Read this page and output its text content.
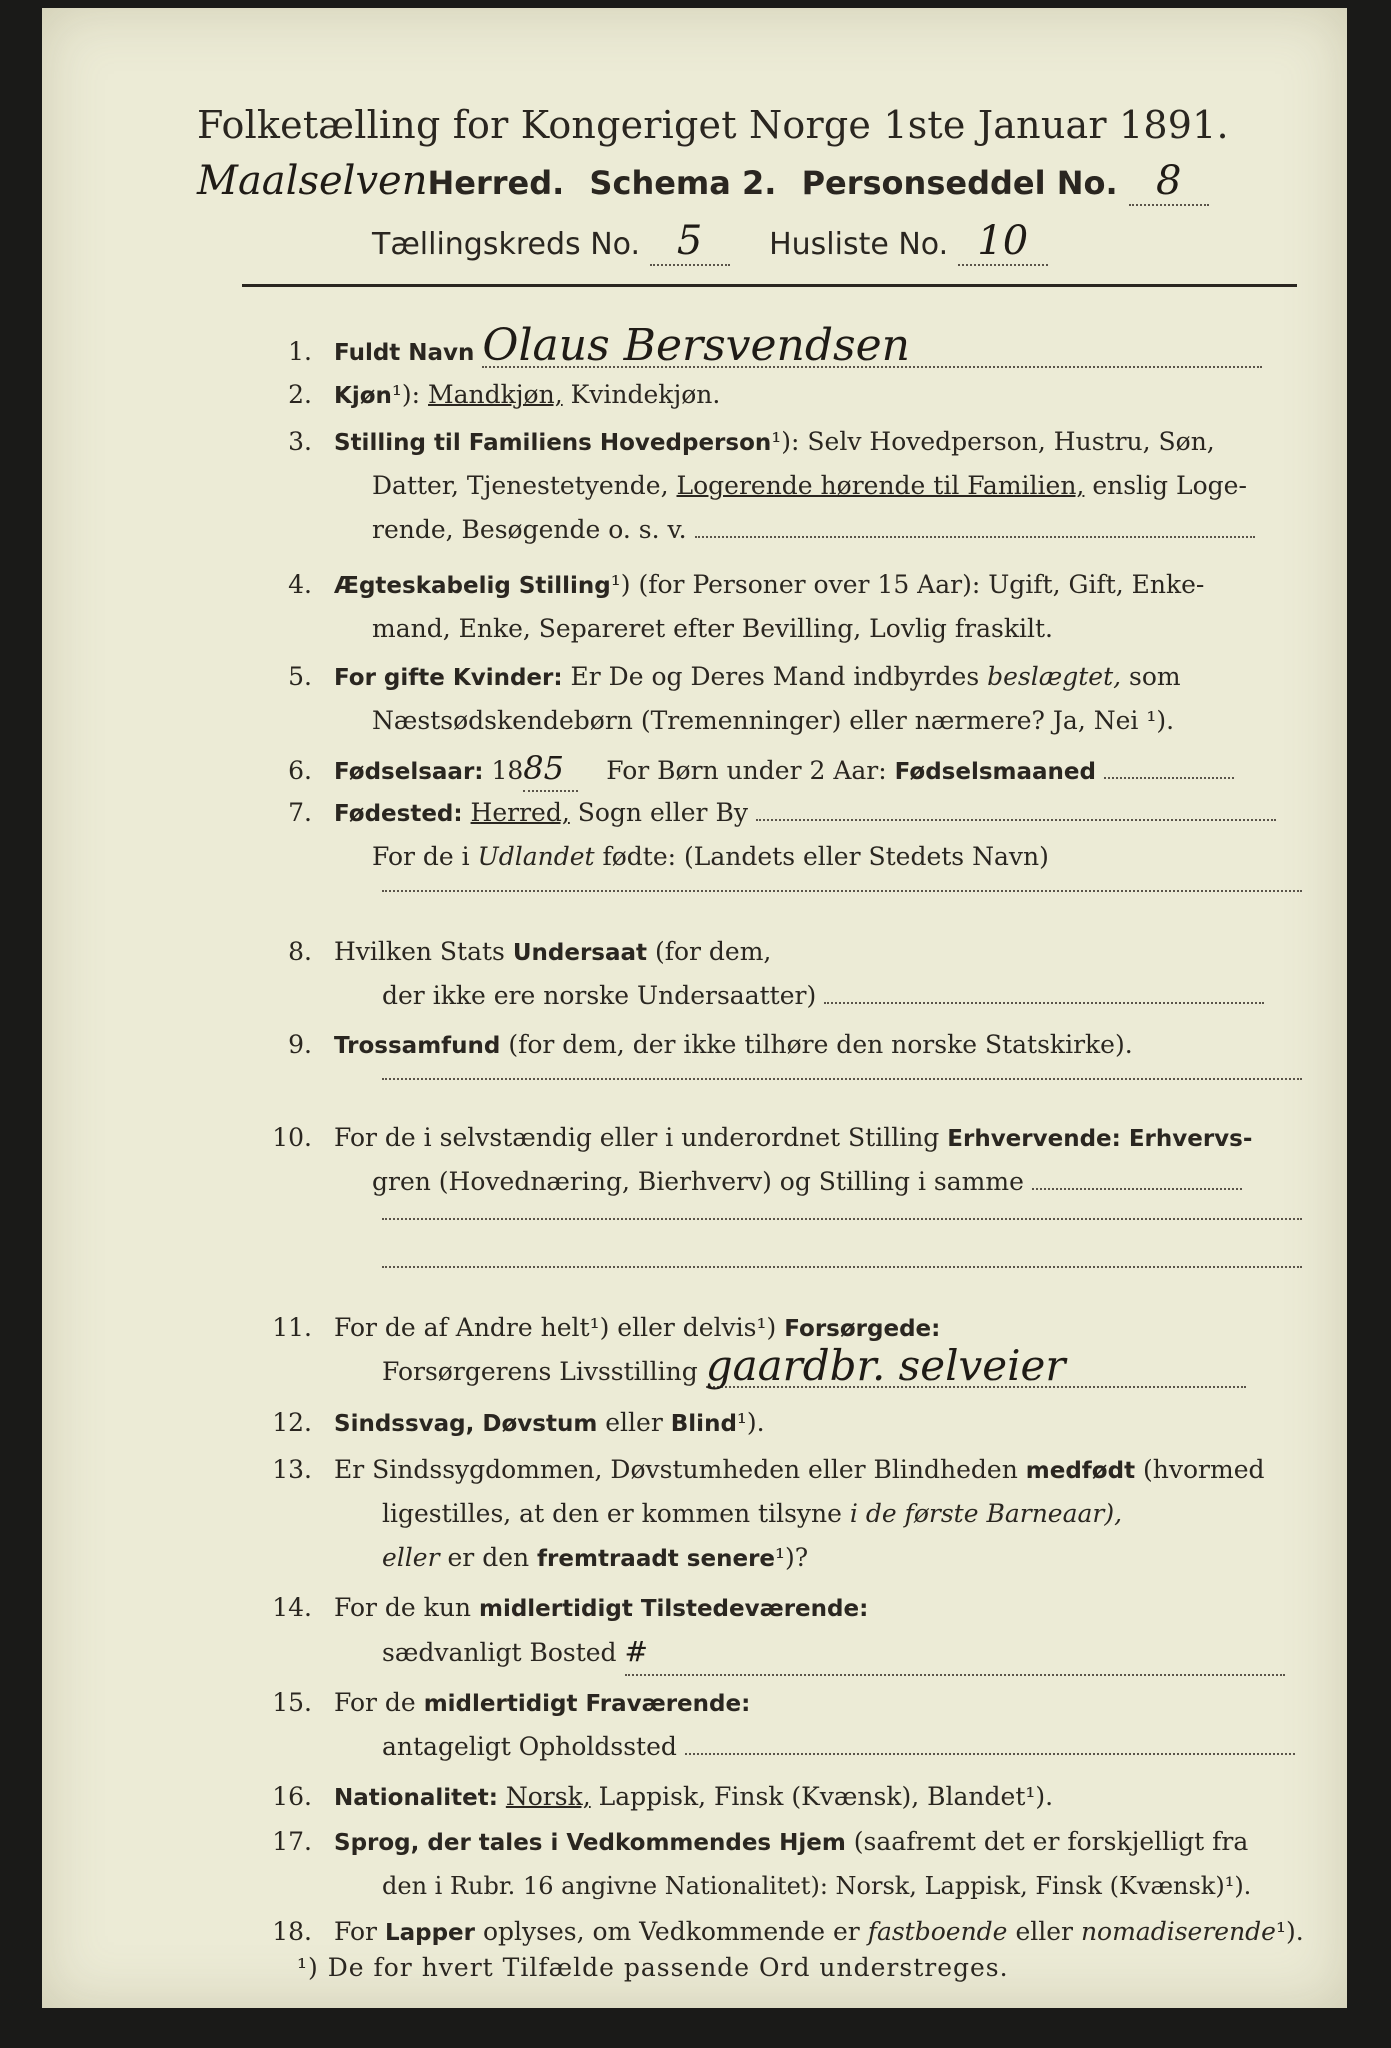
Folketælling for Kongeriget Norge 1ste Januar 1891.
MaalselvenHerred. Schema 2. Personseddel No. 8
Tællingskreds No. 5 Husliste No. 10
1. Fuldt Navn Olaus Bersvendsen
2. Kjøn¹): Mandkjøn, Kvindekjøn.
3. Stilling til Familiens Hovedperson¹): Selv Hovedperson, Hustru, Søn,
Datter, Tjenestetyende, Logerende hørende til Familien, enslig Loge-
rende, Besøgende o. s. v.
4. Ægteskabelig Stilling¹) (for Personer over 15 Aar): Ugift, Gift, Enke-
mand, Enke, Separeret efter Bevilling, Lovlig fraskilt.
5. For gifte Kvinder: Er De og Deres Mand indbyrdes beslægtet, som
Næstsødskendebørn (Tremenninger) eller nærmere? Ja, Nei ¹).
6. Fødselsaar: 1885 For Børn under 2 Aar: Fødselsmaaned
7. Fødested: Herred, Sogn eller By
For de i Udlandet fødte: (Landets eller Stedets Navn)
8. Hvilken Stats Undersaat (for dem,
der ikke ere norske Undersaatter)
9. Trossamfund (for dem, der ikke tilhøre den norske Statskirke).
10. For de i selvstændig eller i underordnet Stilling Erhvervende: Erhvervs-
gren (Hovednæring, Bierhverv) og Stilling i samme
11. For de af Andre helt¹) eller delvis¹) Forsørgede:
Forsørgerens Livsstilling gaardbr. selveier
12. Sindssvag, Døvstum eller Blind¹).
13. Er Sindssygdommen, Døvstumheden eller Blindheden medfødt (hvormed
ligestilles, at den er kommen tilsyne i de første Barneaar),
eller er den fremtraadt senere¹)?
14. For de kun midlertidigt Tilstedeværende:
sædvanligt Bosted #
15. For de midlertidigt Fraværende:
antageligt Opholdssted
16. Nationalitet: Norsk, Lappisk, Finsk (Kvænsk), Blandet¹).
17. Sprog, der tales i Vedkommendes Hjem (saafremt det er forskjelligt fra
den i Rubr. 16 angivne Nationalitet): Norsk, Lappisk, Finsk (Kvænsk)¹).
18. For Lapper oplyses, om Vedkommende er fastboende eller nomadiserende¹).
¹) De for hvert Tilfælde passende Ord understreges.
